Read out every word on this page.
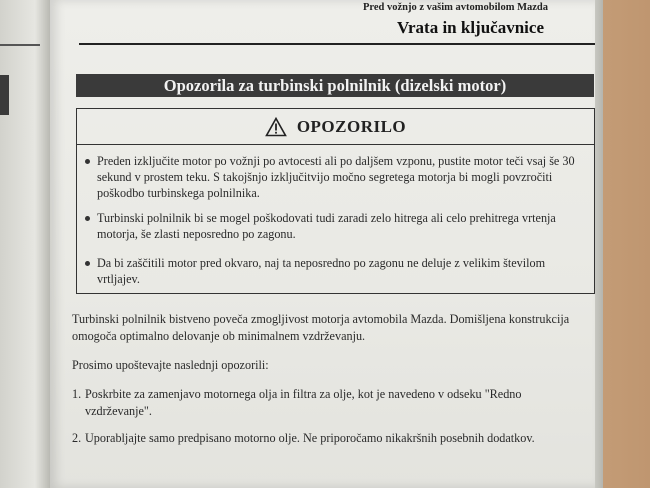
Pred vožnjo z vašim avtomobilom Mazda
Vrata in ključavnice
Opozorila za turbinski polnilnik (dizelski motor)
OPOZORILO
Preden izključite motor po vožnji po avtocesti ali po daljšem vzponu, pustite motor teči vsaj še 30 sekund v prostem teku. S takojšnjo izključitvijo močno segretega motorja bi mogli povzročiti poškodbo turbinskega polnilnika.
Turbinski polnilnik bi se mogel poškodovati tudi zaradi zelo hitrega ali celo prehitrega vrtenja motorja, še zlasti neposredno po zagonu.
Da bi zaščitili motor pred okvaro, naj ta neposredno po zagonu ne deluje z velikim številom vrtljajev.
Turbinski polnilnik bistveno poveča zmogljivost motorja avtomobila Mazda. Domišljena konstrukcija omogoča optimalno delovanje ob minimalnem vzdrževanju.
Prosimo upoštevajte naslednji opozorili:
1. Poskrbite za zamenjavo motornega olja in filtra za olje, kot je navedeno v odseku "Redno vzdrževanje".
2. Uporabljajte samo predpisano motorno olje. Ne priporočamo nikakršnih posebnih dodatkov.
